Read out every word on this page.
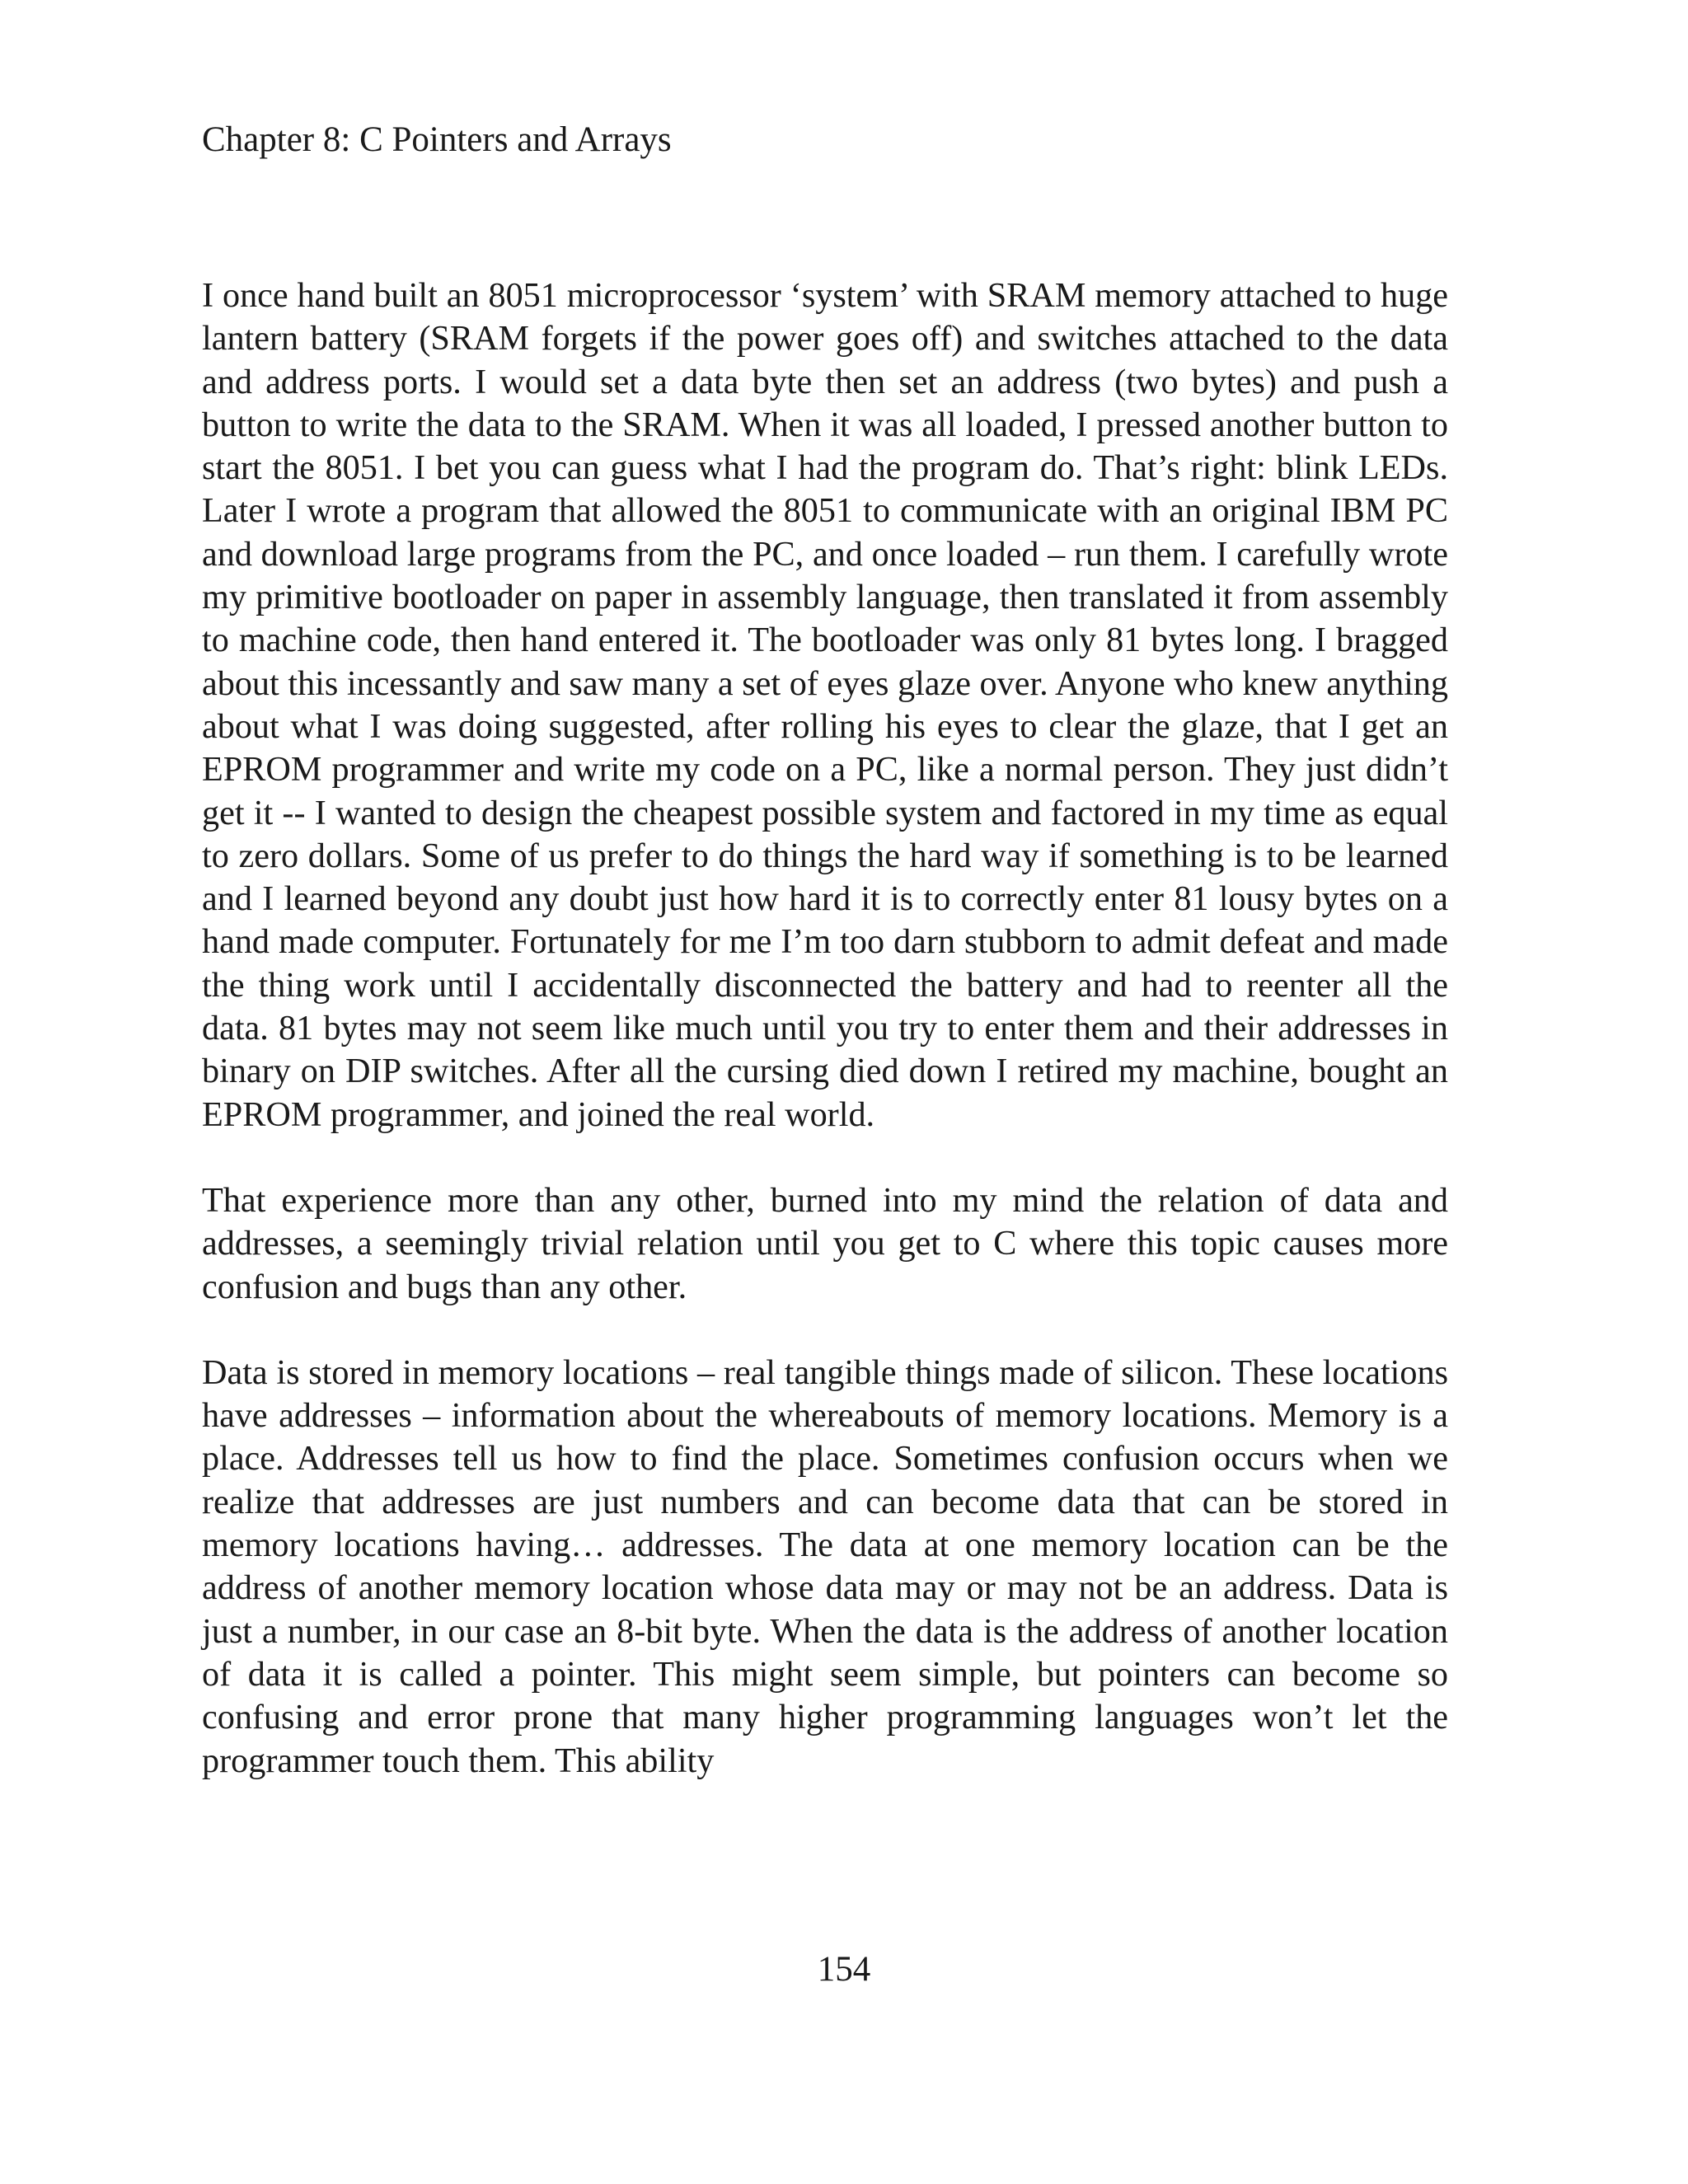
Chapter 8: C Pointers and Arrays

I once hand built an 8051 microprocessor ‘system’ with SRAM memory attached to huge lantern battery (SRAM forgets if the power goes off) and switches attached to the data and address ports. I would set a data byte then set an address (two bytes) and push a button to write the data to the SRAM. When it was all loaded, I pressed another button to start the 8051. I bet you can guess what I had the program do. That’s right: blink LEDs. Later I wrote a program that allowed the 8051 to communicate with an original IBM PC and download large programs from the PC, and once loaded – run them. I carefully wrote my primitive bootloader on paper in assembly language, then translated it from assembly to machine code, then hand entered it. The bootloader was only 81 bytes long. I bragged about this incessantly and saw many a set of eyes glaze over. Anyone who knew anything about what I was doing suggested, after rolling his eyes to clear the glaze, that I get an EPROM programmer and write my code on a PC, like a normal person. They just didn’t get it -- I wanted to design the cheapest possible system and factored in my time as equal to zero dollars. Some of us prefer to do things the hard way if something is to be learned and I learned beyond any doubt just how hard it is to correctly enter 81 lousy bytes on a hand made computer. Fortunately for me I’m too darn stubborn to admit defeat and made the thing work until I accidentally disconnected the battery and had to reenter all the data. 81 bytes may not seem like much until you try to enter them and their addresses in binary on DIP switches. After all the cursing died down I retired my machine, bought an EPROM programmer, and joined the real world.

That experience more than any other, burned into my mind the relation of data and addresses, a seemingly trivial relation until you get to C where this topic causes more confusion and bugs than any other.

Data is stored in memory locations – real tangible things made of silicon. These locations have addresses – information about the whereabouts of memory locations. Memory is a place. Addresses tell us how to find the place. Sometimes confusion occurs when we realize that addresses are just numbers and can become data that can be stored in memory locations having… addresses. The data at one memory location can be the address of another memory location whose data may or may not be an address. Data is just a number, in our case an 8-bit byte. When the data is the address of another location of data it is called a pointer. This might seem simple, but pointers can become so confusing and error prone that many higher programming languages won’t let the programmer touch them. This ability

154
